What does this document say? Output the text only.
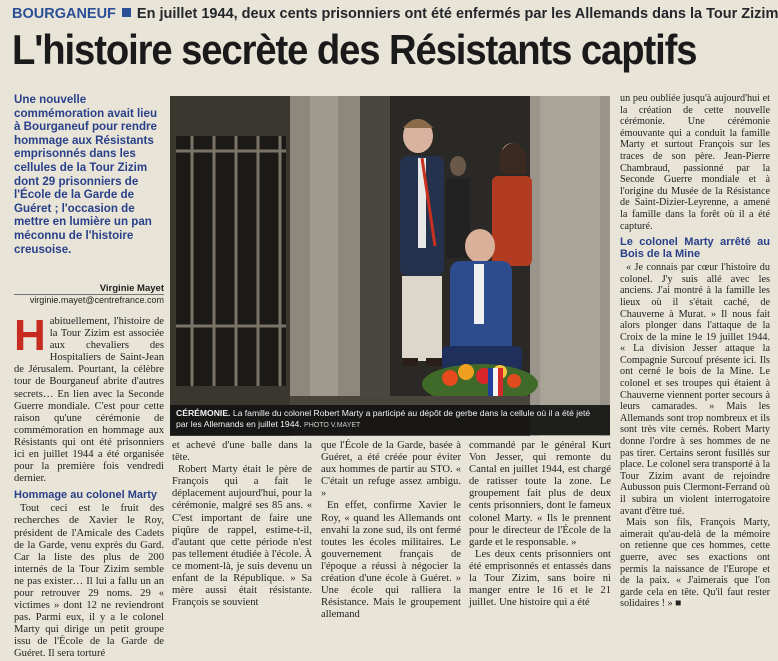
BOURGANEUF En juillet 1944, deux cents prisonniers ont été enfermés par les Allemands dans la Tour Zizim
L'histoire secrète des Résistants captifs
Une nouvelle commémoration avait lieu à Bourganeuf pour rendre hommage aux Résistants emprisonnés dans les cellules de la Tour Zizim dont 29 prisonniers de l'École de la Garde de Guéret ; l'occasion de mettre en lumière un pan méconnu de l'histoire creusoise.
Virginie Mayet
virginie.mayet@centrefrance.com

Habituellement, l'histoire de la Tour Zizim est associée aux chevaliers des Hospitaliers de Saint-Jean de Jérusalem. Pourtant, la célèbre tour de Bourganeuf abrite d'autres secrets… En lien avec la Seconde Guerre mondiale. C'est pour cette raison qu'une cérémonie de commémoration en hommage aux Résistants qui ont été prisonniers ici en juillet 1944 a été organisée pour la première fois vendredi dernier.

Hommage au colonel Marty

Tout ceci est le fruit des recherches de Xavier le Roy, président de l'Amicale des Cadets de la Garde, venu exprès du Gard. Car la liste des plus de 200 internés de la Tour Zizim semble ne pas exister… Il lui a fallu un an pour retrouver 29 noms. 29 « victimes » dont 12 ne reviendront pas. Parmi eux, il y a le colonel Marty qui dirige un petit groupe issu de l'École de la Garde de Guéret. Il sera torturé

CÉRÉMONIE. La famille du colonel Robert Marty a participé au dépôt de gerbe dans la cellule où il a été jeté par les Allemands en juillet 1944. PHOTO V.MAYET

et achevé d'une balle dans la tête.

Robert Marty était le père de François qui a fait le déplacement aujourd'hui, pour la cérémonie, malgré ses 85 ans. « C'est important de faire une piqûre de rappel, estime-t-il, d'autant que cette période n'est pas tellement étudiée à l'école. À ce moment-là, je suis devenu un enfant de la République. » Sa mère aussi était résistante. François se souvient

que l'École de la Garde, basée à Guéret, a été créée pour éviter aux hommes de partir au STO. « C'était un refuge assez ambigu. »

En effet, confirme Xavier le Roy, « quand les Allemands ont envahi la zone sud, ils ont fermé toutes les écoles militaires. Le gouvernement français de l'époque a réussi à négocier la création d'une école à Guéret. » Une école qui ralliera la Résistance. Mais le groupement allemand

commandé par le général Kurt Von Jesser, qui remonte du Cantal en juillet 1944, est chargé de ratisser toute la zone. Le groupement fait plus de deux cents prisonniers, dont le fameux colonel Marty. « Ils le prennent pour le directeur de l'École de la garde et le responsable. »

Les deux cents prisonniers ont été emprisonnés et entassés dans la Tour Zizim, sans boire ni manger entre le 16 et le 21 juillet. Une histoire qui a été

un peu oubliée jusqu'à aujourd'hui et la création de cette nouvelle cérémonie. Une cérémonie émouvante qui a conduit la famille Marty et surtout François sur les traces de son père. Jean-Pierre Chambraud, passionné par la Seconde Guerre mondiale et à l'origine du Musée de la Résistance de Saint-Dizier-Leyrenne, a amené la famille dans la forêt où il a été capturé.

Le colonel Marty arrêté au Bois de la Mine

« Je connais par cœur l'histoire du colonel. J'y suis allé avec les anciens. J'ai montré à la famille les lieux où il s'était caché, de Chauverne à Murat. » Il nous fait alors plonger dans l'attaque de la Croix de la mine le 19 juillet 1944. « La division Jesser attaque la Compagnie Surcouf présente ici. Ils ont cerné le bois de la Mine. Le colonel et ses troupes qui étaient à Chauverne viennent porter secours à leurs camarades. » Mais les Allemands sont trop nombreux et ils sont très vite cernés. Robert Marty donne l'ordre à ses hommes de ne pas tirer. Certains seront fusillés sur place. Le colonel sera transporté à la Tour Zizim avant de rejoindre Aubusson puis Clermont-Ferrand où il subira un violent interrogatoire avant d'être tué.

Mais son fils, François Marty, aimerait qu'au-delà de la mémoire on retienne que ces hommes, cette guerre, avec ses exactions ont permis la naissance de l'Europe et de la paix. « J'aimerais que l'on garde cela en tête. Qu'il faut rester solidaires ! » ■
